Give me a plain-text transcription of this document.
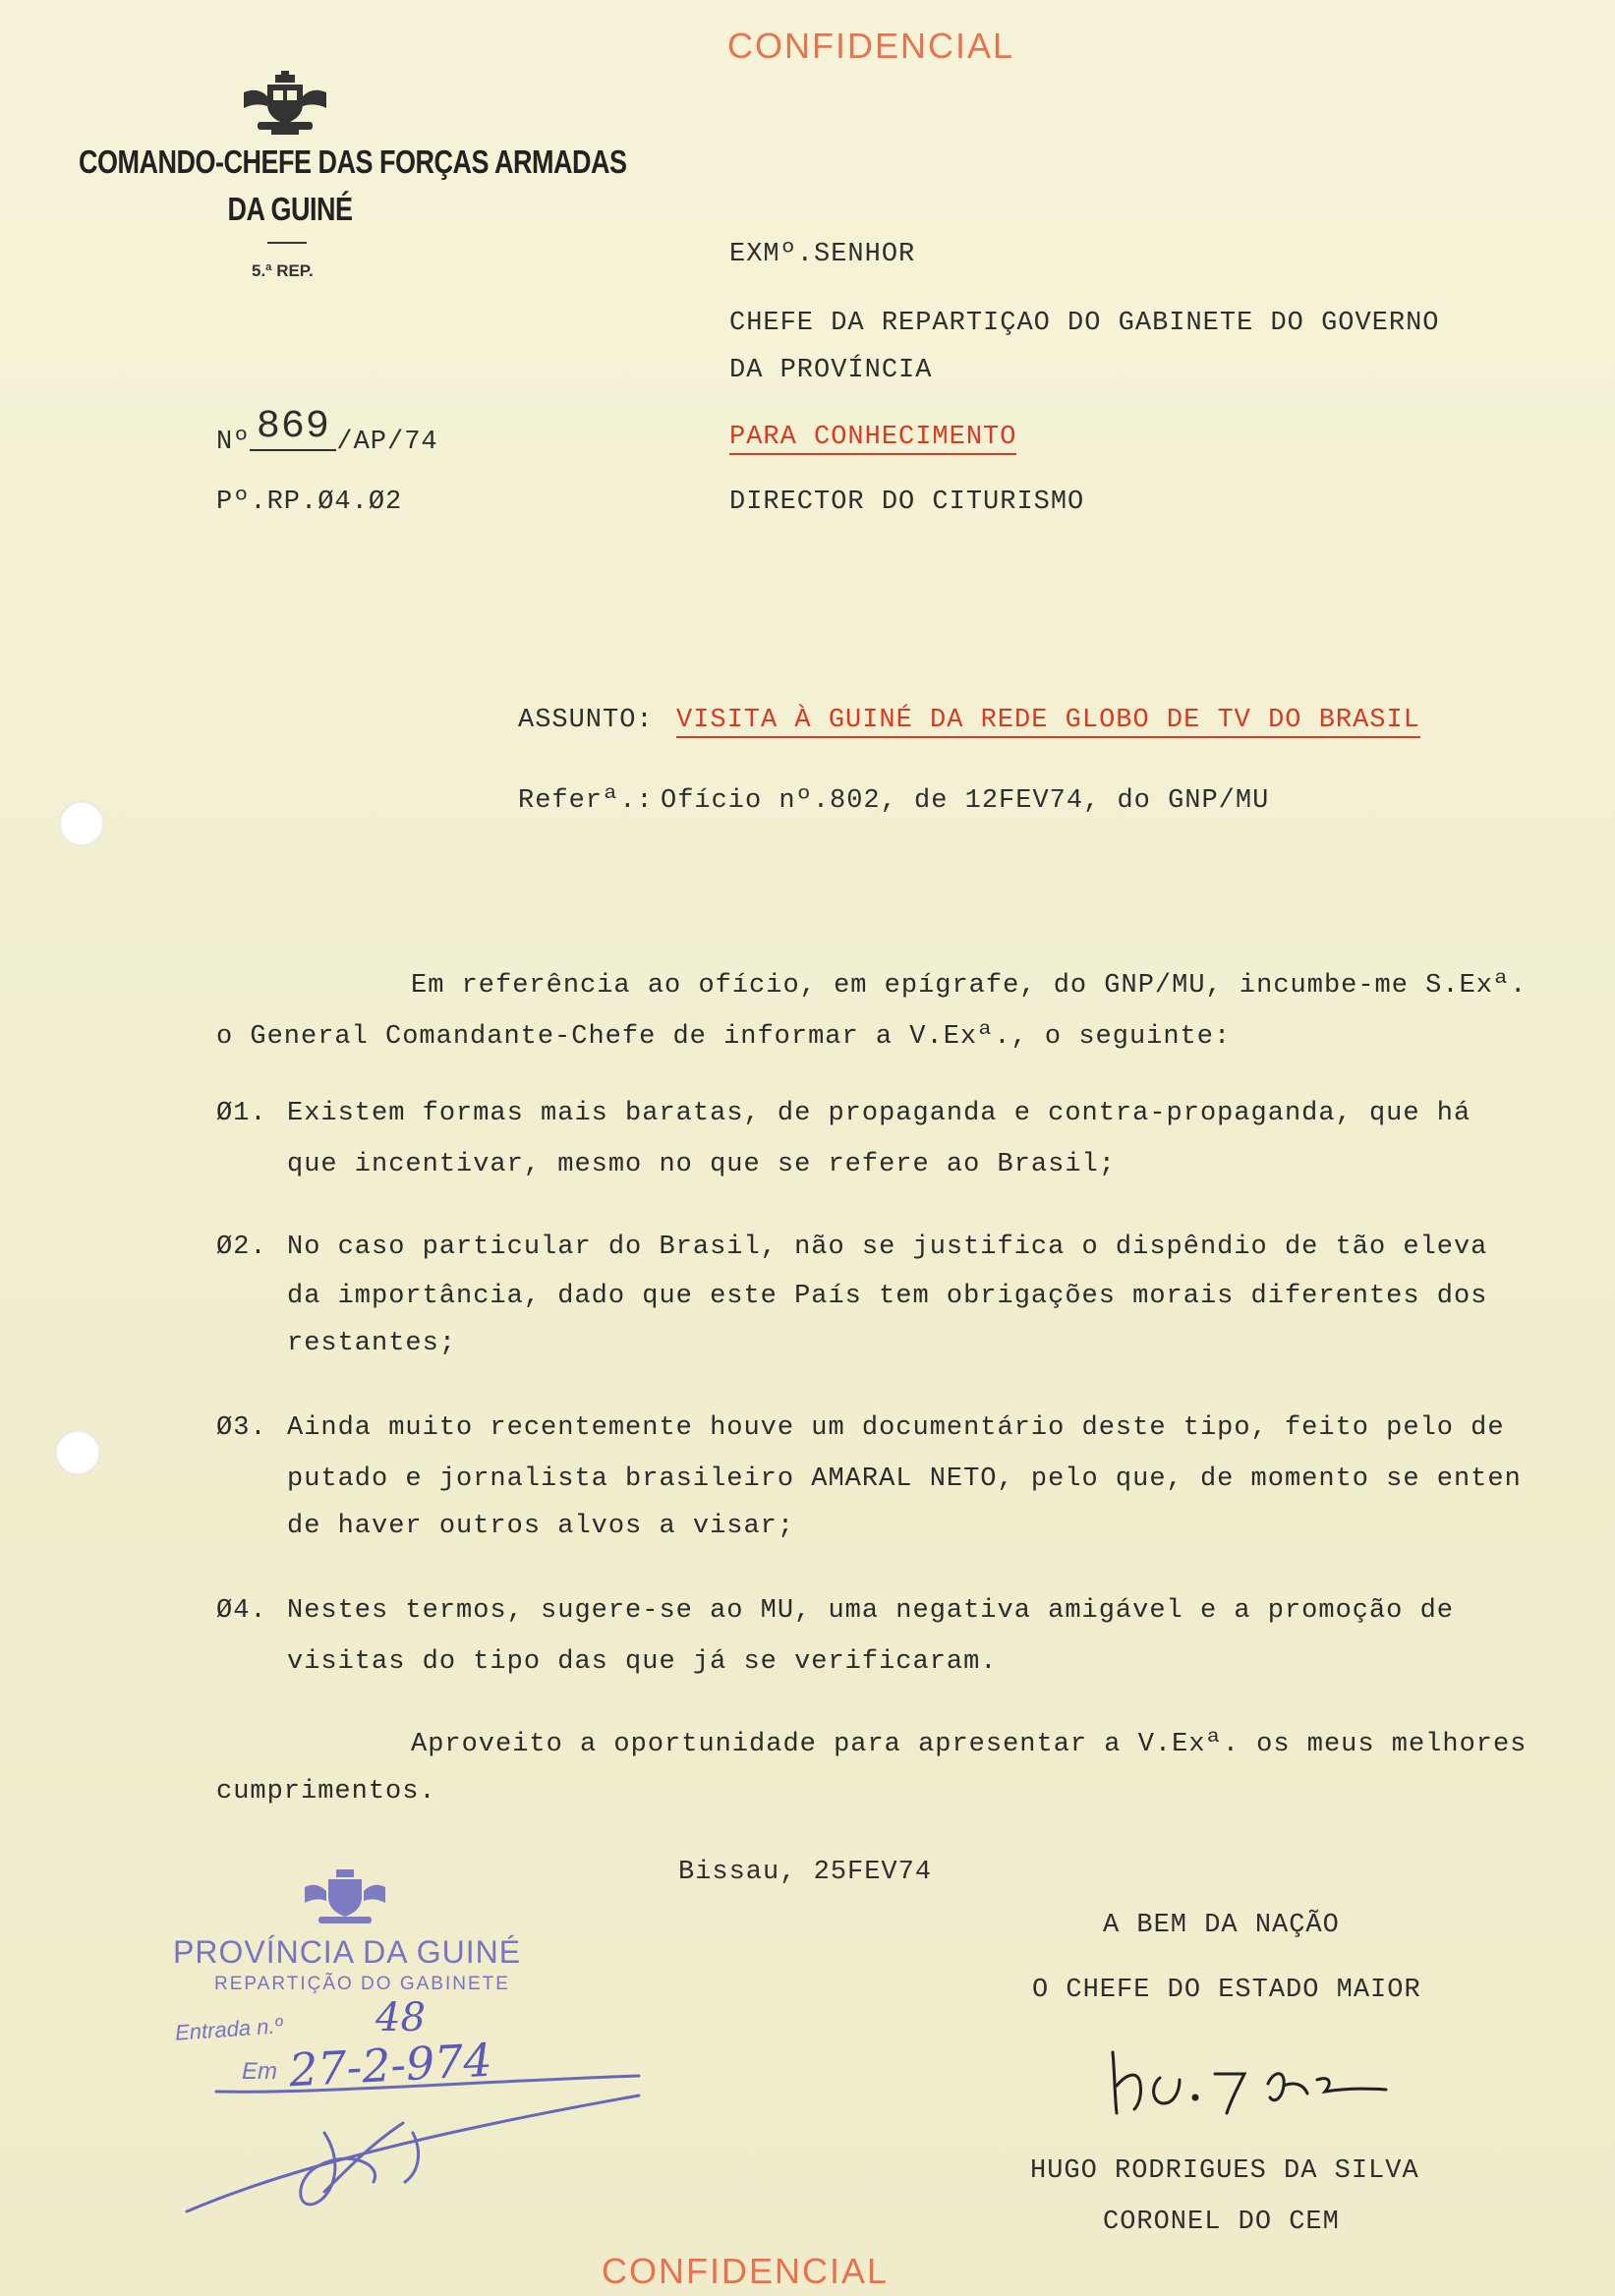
CONFIDENCIAL
COMANDO-CHEFE DAS FORÇAS ARMADAS
DA GUINÉ
5.ª REP.
Nº 869 /AP/74
Pº.RP.Ø4.Ø2
EXMº.SENHOR
CHEFE DA REPARTIÇAO DO GABINETE DO GOVERNO
DA PROVÍNCIA
PARA CONHECIMENTO
DIRECTOR DO CITURISMO
ASSUNTO: VISITA À GUINÉ DA REDE GLOBO DE TV DO BRASIL
Referª.: Ofício nº.802, de 12FEV74, do GNP/MU
Em referência ao ofício, em epígrafe, do GNP/MU, incumbe-me S.Exª.
o General Comandante-Chefe de informar a V.Exª., o seguinte:
Ø1. Existem formas mais baratas, de propaganda e contra-propaganda, que há
que incentivar, mesmo no que se refere ao Brasil;
Ø2. No caso particular do Brasil, não se justifica o dispêndio de tão eleva
da importância, dado que este País tem obrigações morais diferentes dos
restantes;
Ø3. Ainda muito recentemente houve um documentário deste tipo, feito pelo de
putado e jornalista brasileiro AMARAL NETO, pelo que, de momento se enten
de haver outros alvos a visar;
Ø4. Nestes termos, sugere-se ao MU, uma negativa amigável e a promoção de
visitas do tipo das que já se verificaram.
Aproveito a oportunidade para apresentar a V.Exª. os meus melhores
cumprimentos.
Bissau, 25FEV74
A BEM DA NAÇÃO
O CHEFE DO ESTADO MAIOR
HUGO RODRIGUES DA SILVA
CORONEL DO CEM
PROVÍNCIA DA GUINÉ
REPARTIÇÃO DO GABINETE
Entrada n.º 48
Em 27-2-974
CONFIDENCIAL
